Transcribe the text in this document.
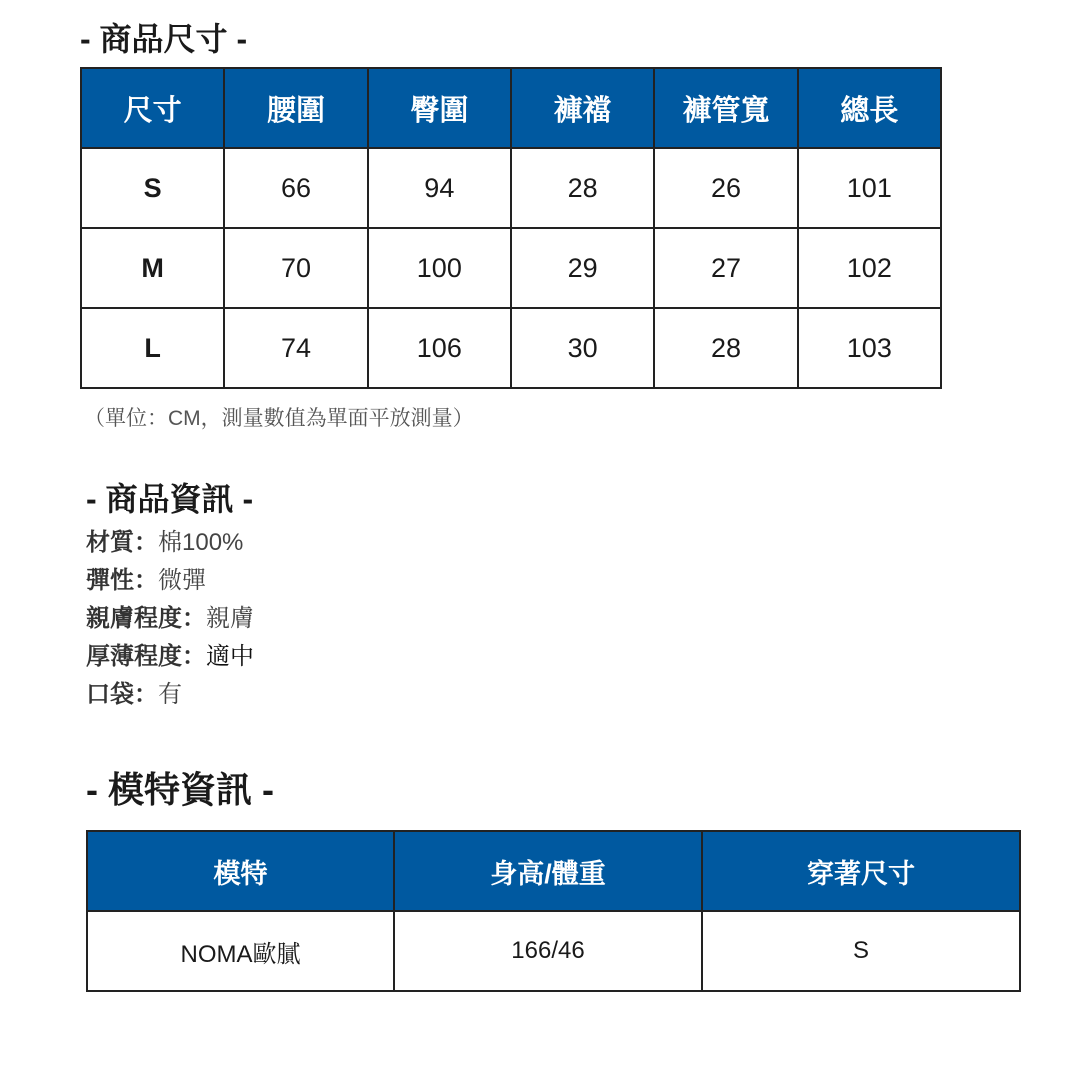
- 商品尺寸 -
尺寸	腰圍	臀圍	褲襠	褲管寬	總長
S	66	94	28	26	101
M	70	100	29	27	102
L	74	106	30	28	103
（單位：CM，測量數值為單面平放測量）
- 商品資訊 -
材質：棉100%
彈性：微彈
親膚程度：親膚
厚薄程度：適中
口袋：有
- 模特資訊 -
模特	身高/體重	穿著尺寸
NOMA歐膩	166/46	S
